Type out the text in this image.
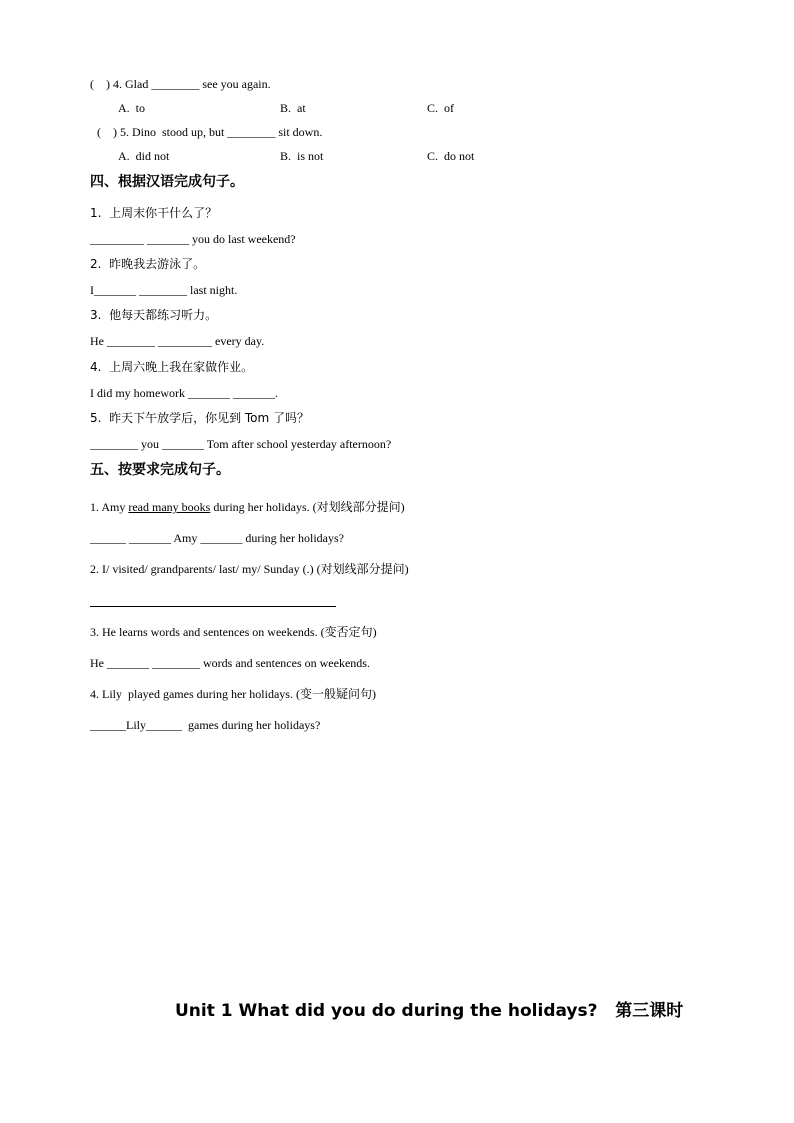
(    ) 4. Glad ________ see you again.
A.  to	B.  at	C.  of
(    ) 5. Dino  stood up, but ________ sit down.
A.  did not	B.  is not	C.  do not
四、根据汉语完成句子。
1.  上周末你干什么了？
_________ _______ you do last weekend?
2.  昨晚我去游泳了。
I_______ ________ last night.
3.  他每天都练习听力。
He ________ _________ every day.
4.  上周六晚上我在家做作业。
I did my homework _______ _______.
5.  昨天下午放学后，你见到 Tom 了吗？
________ you _______ Tom after school yesterday afternoon?
五、按要求完成句子。
1. Amy read many books during her holidays. (对划线部分提问)
______ _______ Amy _______ during her holidays?
2. I/ visited/ grandparents/ last/ my/ Sunday (.) (对划线部分提问)
3. He learns words and sentences on weekends. (变否定句)
He _______ ________ words and sentences on weekends.
4. Lily  played games during her holidays. (变一般疑问句)
______Lily______  games during her holidays?
Unit 1 What did you do during the holidays?   第三课时
